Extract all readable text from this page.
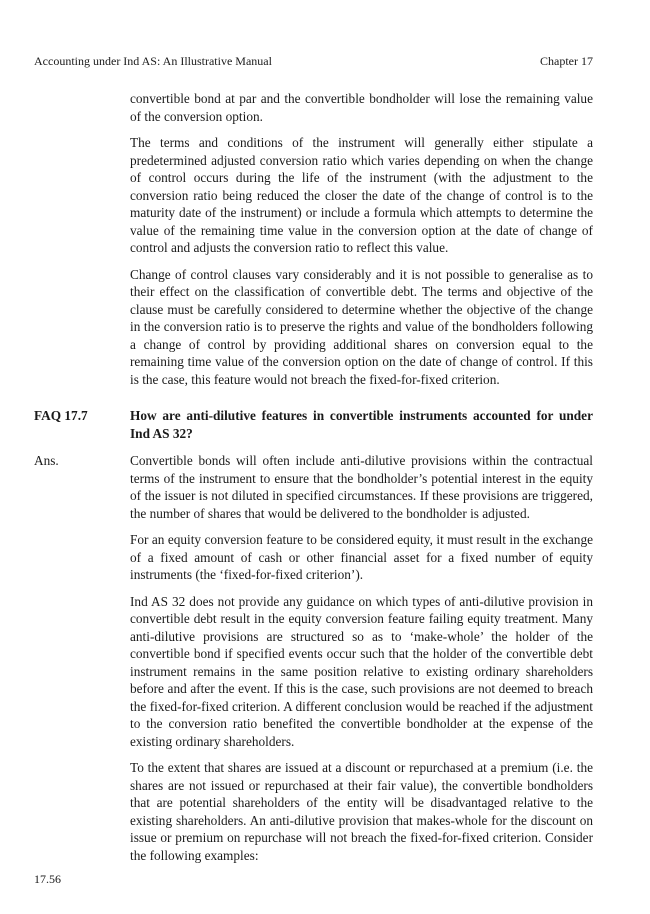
Accounting under Ind AS: An Illustrative Manual	Chapter 17

convertible bond at par and the convertible bondholder will lose the remaining value of the conversion option.

The terms and conditions of the instrument will generally either stipulate a predetermined adjusted conversion ratio which varies depending on when the change of control occurs during the life of the instrument (with the adjustment to the conversion ratio being reduced the closer the date of the change of control is to the maturity date of the instrument) or include a formula which attempts to determine the value of the remaining time value in the conversion option at the date of change of control and adjusts the conversion ratio to reflect this value.

Change of control clauses vary considerably and it is not possible to generalise as to their effect on the classification of convertible debt. The terms and objective of the clause must be carefully considered to determine whether the objective of the change in the conversion ratio is to preserve the rights and value of the bondholders following a change of control by providing additional shares on conversion equal to the remaining time value of the conversion option on the date of change of control. If this is the case, this feature would not breach the fixed-for-fixed criterion.

FAQ 17.7	How are anti-dilutive features in convertible instruments accounted for under Ind AS 32?

Ans.	Convertible bonds will often include anti-dilutive provisions within the contractual terms of the instrument to ensure that the bondholder’s potential interest in the equity of the issuer is not diluted in specified circumstances. If these provisions are triggered, the number of shares that would be delivered to the bondholder is adjusted.

For an equity conversion feature to be considered equity, it must result in the exchange of a fixed amount of cash or other financial asset for a fixed number of equity instruments (the ‘fixed-for-fixed criterion’).

Ind AS 32 does not provide any guidance on which types of anti-dilutive provision in convertible debt result in the equity conversion feature failing equity treatment. Many anti-dilutive provisions are structured so as to ‘make-whole’ the holder of the convertible bond if specified events occur such that the holder of the convertible debt instrument remains in the same position relative to existing ordinary shareholders before and after the event. If this is the case, such provisions are not deemed to breach the fixed-for-fixed criterion. A different conclusion would be reached if the adjustment to the conversion ratio benefited the convertible bondholder at the expense of the existing ordinary shareholders.

To the extent that shares are issued at a discount or repurchased at a premium (i.e. the shares are not issued or repurchased at their fair value), the convertible bondholders that are potential shareholders of the entity will be disadvantaged relative to the existing shareholders. An anti-dilutive provision that makes-whole for the discount on issue or premium on repurchase will not breach the fixed-for-fixed criterion. Consider the following examples:

17.56
